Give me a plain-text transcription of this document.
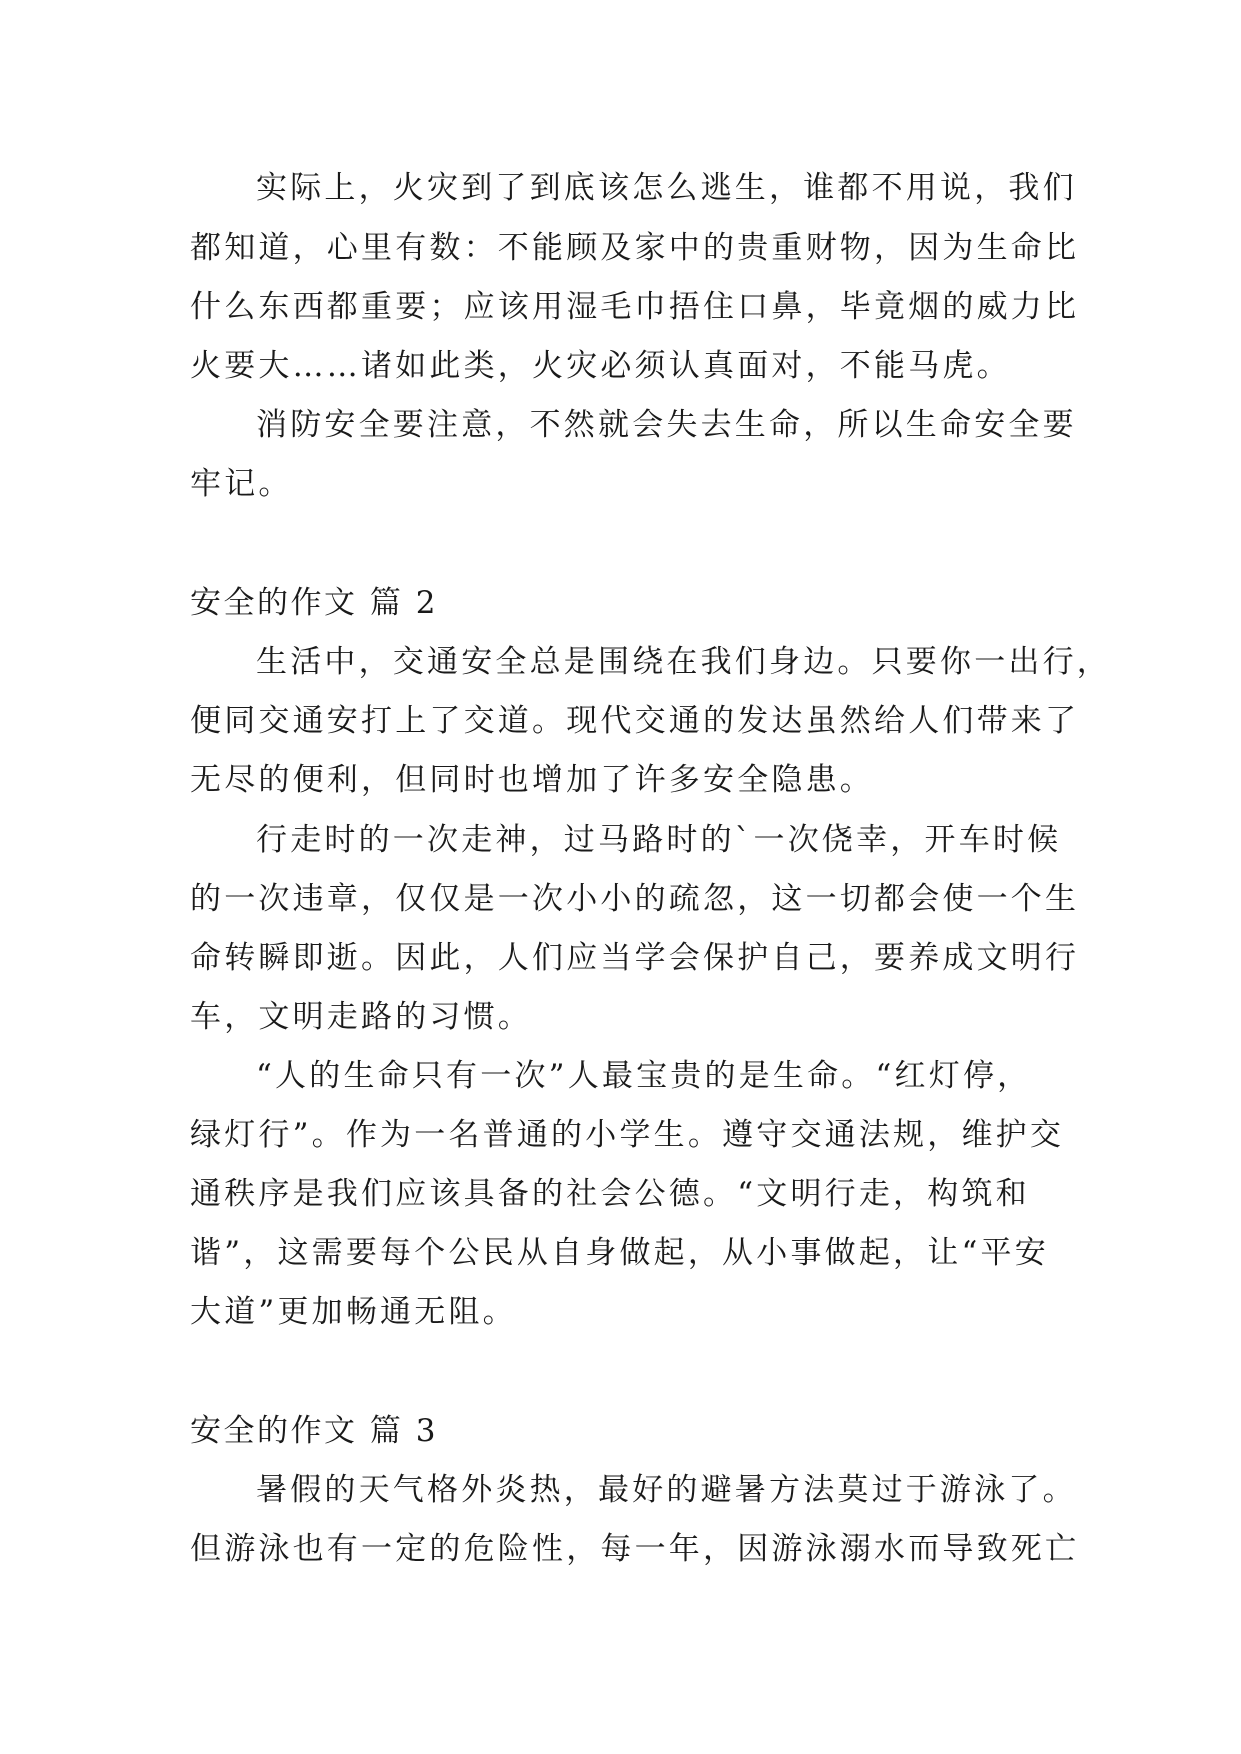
实际上，火灾到了到底该怎么逃生，谁都不用说，我们
都知道，心里有数：不能顾及家中的贵重财物，因为生命比
什么东西都重要；应该用湿毛巾捂住口鼻，毕竟烟的威力比
火要大……诸如此类，火灾必须认真面对，不能马虎。
消防安全要注意，不然就会失去生命，所以生命安全要
牢记。
安全的作文 篇 2
生活中，交通安全总是围绕在我们身边。只要你一出行，
便同交通安打上了交道。现代交通的发达虽然给人们带来了
无尽的便利，但同时也增加了许多安全隐患。
行走时的一次走神，过马路时的`一次侥幸，开车时候
的一次违章，仅仅是一次小小的疏忽，这一切都会使一个生
命转瞬即逝。因此，人们应当学会保护自己，要养成文明行
车，文明走路的习惯。
“人的生命只有一次”人最宝贵的是生命。“红灯停，
绿灯行”。作为一名普通的小学生。遵守交通法规，维护交
通秩序是我们应该具备的社会公德。“文明行走，构筑和
谐”，这需要每个公民从自身做起，从小事做起，让“平安
大道”更加畅通无阻。
安全的作文 篇 3
暑假的天气格外炎热，最好的避暑方法莫过于游泳了。
但游泳也有一定的危险性，每一年，因游泳溺水而导致死亡
